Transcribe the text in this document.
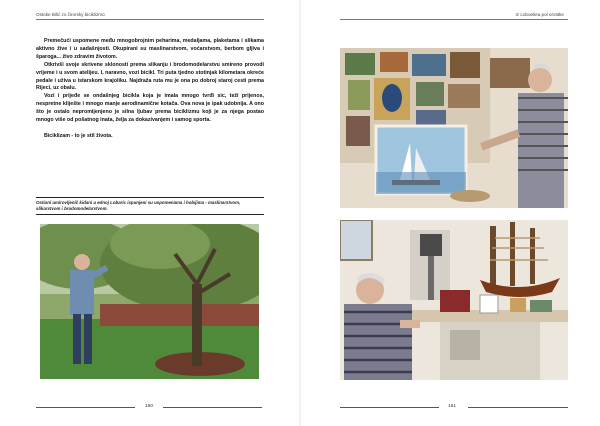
Ostoke Bilić zo čirorsky biciklizmo

Premečući uspomene među mnogobrojnim peharima, medaljama, plaketama i slikama aktivno žive i u sadašnjosti. Okupirani su maslinarstvom, voćarstvom, berbom gljiva i šparoga... živo zdravim životom.

Otkrivši svoje skrivene sklonosti prema slikanju i brodomodelarstvu smireno provodi vrijeme i u svom atelijeu. I, naravno, vozi bicikl. Tri puta tjedno stotinjak kilometara okreće pedale i uživa u istarskom krajoliku. Najdraža ruta mu je ona po dobroj staroj cesti prema Rijeci, uz obalu.

Vozi i prijeđe se ondašnjeg bicikla koja je imala mnogo tvrđi sic, teži prijenos, nespretne kliješte i mnogo manje aerodinamične kotača. Ova nova je ipak udobnija. A ono što je ostalo nepromijenjeno je silna ljubav prema biciklizmu koji je za njega postao mnogo više od pošatnog inata, želja za dokazivanjem i samog sporta.

Biciklizam - to je stil života.

Ostioni umirovljenič kidani u ednoj Lobaric ispunjeni su uspomenama i hobijima - maslinarstvom, slikarstvom i brodomodelarstvom.
160
Iz Loboeliea pol orostke
161
